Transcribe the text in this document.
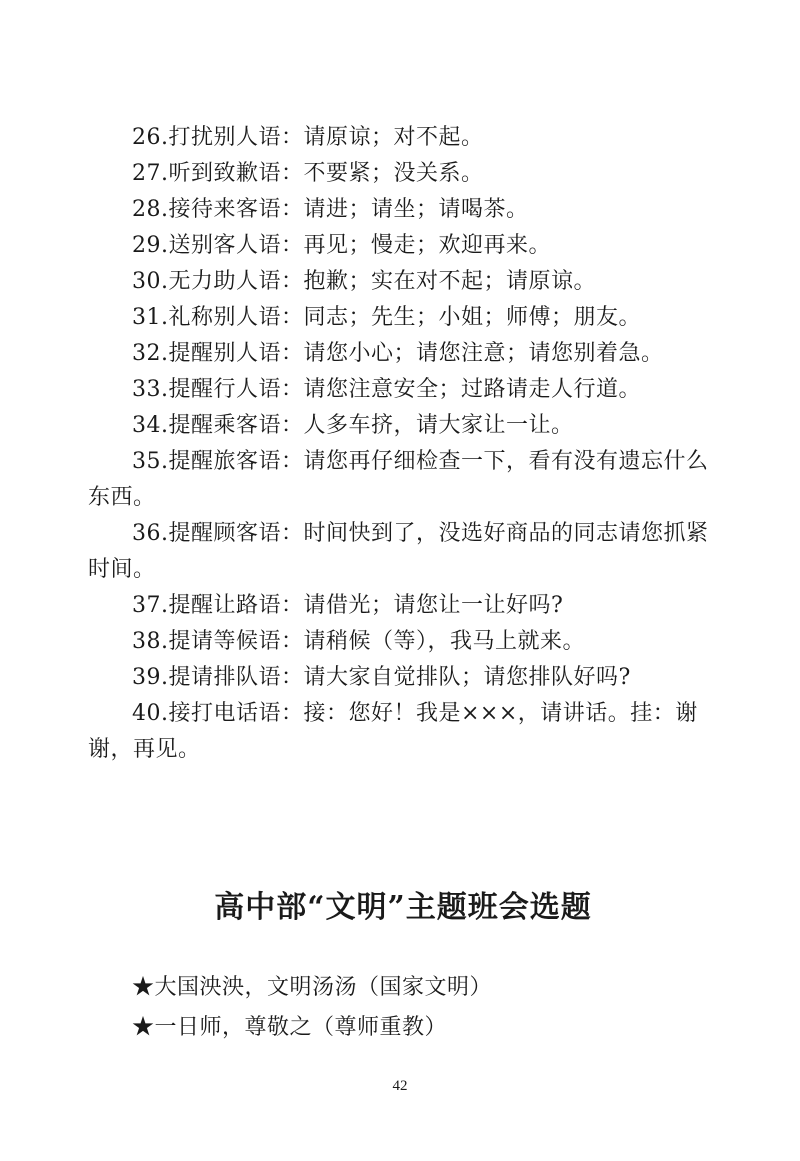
26.打扰别人语：请原谅；对不起。

27.听到致歉语：不要紧；没关系。

28.接待来客语：请进；请坐；请喝茶。

29.送别客人语：再见；慢走；欢迎再来。

30.无力助人语：抱歉；实在对不起；请原谅。

31.礼称别人语：同志；先生；小姐；师傅；朋友。

32.提醒别人语：请您小心；请您注意；请您别着急。

33.提醒行人语：请您注意安全；过路请走人行道。

34.提醒乘客语：人多车挤，请大家让一让。

35.提醒旅客语：请您再仔细检查一下，看有没有遗忘什么东西。

36.提醒顾客语：时间快到了，没选好商品的同志请您抓紧时间。

37.提醒让路语：请借光；请您让一让好吗?

38.提请等候语：请稍候（等），我马上就来。

39.提请排队语：请大家自觉排队；请您排队好吗?

40.接打电话语：接：您好！我是×××，请讲话。挂：谢谢，再见。

高中部“文明”主题班会选题

★大国泱泱，文明汤汤（国家文明）

★一日师，尊敬之（尊师重教）

42
